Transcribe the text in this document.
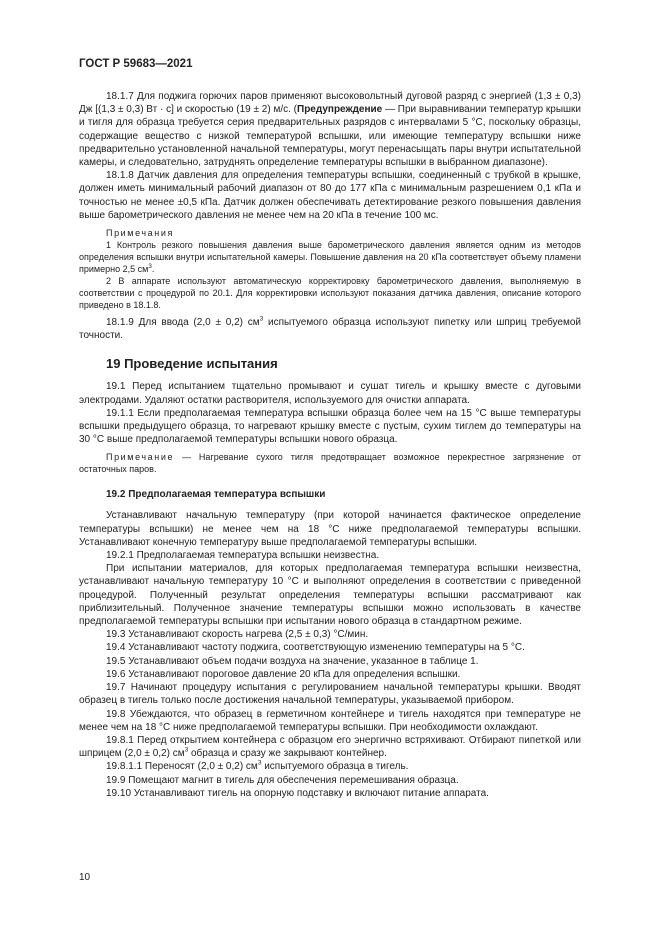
ГОСТ Р 59683—2021

18.1.7 Для поджига горючих паров применяют высоковольтный дуговой разряд с энергией (1,3 ± 0,3) Дж [(1,3 ± 0,3) Вт · с] и скоростью (19 ± 2) м/с. (Предупреждение — При выравнивании температур крышки и тигля для образца требуется серия предварительных разрядов с интервалами 5 °C, поскольку образцы, содержащие вещество с низкой температурой вспышки, или имеющие температуру вспышки ниже предварительно установленной начальной температуры, могут перенасыщать пары внутри испытательной камеры, и следовательно, затруднять определение температуры вспышки в выбранном диапазоне).

18.1.8 Датчик давления для определения температуры вспышки, соединенный с трубкой в крышке, должен иметь минимальный рабочий диапазон от 80 до 177 кПа с минимальным разрешением 0,1 кПа и точностью не менее ±0,5 кПа. Датчик должен обеспечивать детектирование резкого повышения давления выше барометрического давления не менее чем на 20 кПа в течение 100 мс.

Примечания

1 Контроль резкого повышения давления выше барометрического давления является одним из методов определения вспышки внутри испытательной камеры. Повышение давления на 20 кПа соответствует объему пламени примерно 2,5 $см^3$.

2 В аппарате используют автоматическую корректировку барометрического давления, выполняемую в соответствии с процедурой по 20.1. Для корректировки используют показания датчика давления, описание которого приведено в 18.1.8.

18.1.9 Для ввода (2,0 ± 0,2) $см^3$ испытуемого образца используют пипетку или шприц требуемой точности.

19 Проведение испытания

19.1 Перед испытанием тщательно промывают и сушат тигель и крышку вместе с дуговыми электродами. Удаляют остатки растворителя, используемого для очистки аппарата.

19.1.1 Если предполагаемая температура вспышки образца более чем на 15 °C выше температуры вспышки предыдущего образца, то нагревают крышку вместе с пустым, сухим тиглем до температуры на 30 °C выше предполагаемой температуры вспышки нового образца.

Примечание — Нагревание сухого тигля предотвращает возможное перекрестное загрязнение от остаточных паров.

19.2 Предполагаемая температура вспышки

Устанавливают начальную температуру (при которой начинается фактическое определение температуры вспышки) не менее чем на 18 °C ниже предполагаемой температуры вспышки. Устанавливают конечную температуру выше предполагаемой температуры вспышки.

19.2.1 Предполагаемая температура вспышки неизвестна.

При испытании материалов, для которых предполагаемая температура вспышки неизвестна, устанавливают начальную температуру 10 °C и выполняют определения в соответствии с приведенной процедурой. Полученный результат определения температуры вспышки рассматривают как приблизительный. Полученное значение температуры вспышки можно использовать в качестве предполагаемой температуры вспышки при испытании нового образца в стандартном режиме.

19.3 Устанавливают скорость нагрева (2,5 ± 0,3) °C/мин.

19.4 Устанавливают частоту поджига, соответствующую изменению температуры на 5 °C.

19.5 Устанавливают объем подачи воздуха на значение, указанное в таблице 1.

19.6 Устанавливают пороговое давление 20 кПа для определения вспышки.

19.7 Начинают процедуру испытания с регулированием начальной температуры крышки. Вводят образец в тигель только после достижения начальной температуры, указываемой прибором.

19.8 Убеждаются, что образец в герметичном контейнере и тигель находятся при температуре не менее чем на 18 °C ниже предполагаемой температуры вспышки. При необходимости охлаждают.

19.8.1 Перед открытием контейнера с образцом его энергично встряхивают. Отбирают пипеткой или шприцем (2,0 ± 0,2) $см^3$ образца и сразу же закрывают контейнер.

19.8.1.1 Переносят (2,0 ± 0,2) $см^3$ испытуемого образца в тигель.

19.9 Помещают магнит в тигель для обеспечения перемешивания образца.

19.10 Устанавливают тигель на опорную подставку и включают питание аппарата.

10
